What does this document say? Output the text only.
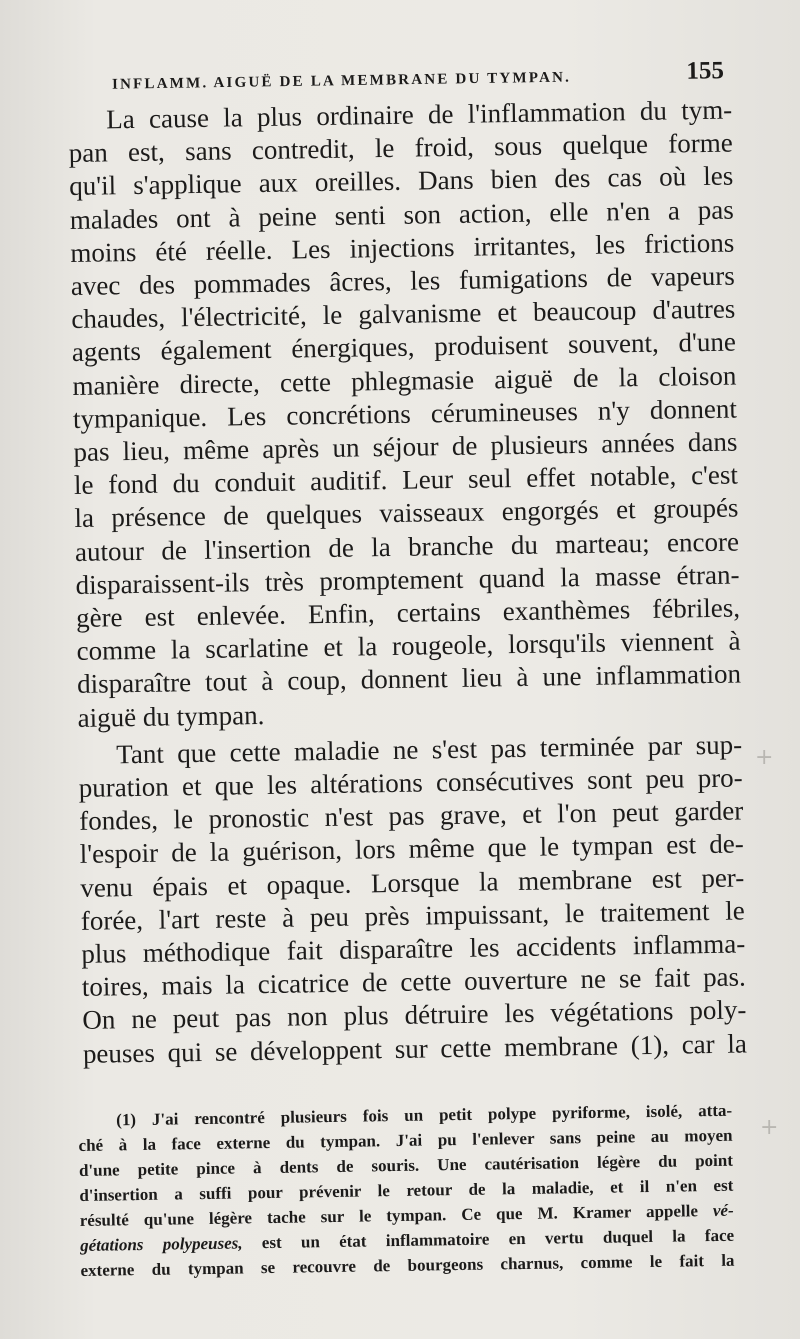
INFLAMM. AIGUË DE LA MEMBRANE DU TYMPAN.	155
La cause la plus ordinaire de l'inflammation du tym-
pan est, sans contredit, le froid, sous quelque forme
qu'il s'applique aux oreilles. Dans bien des cas où les
malades ont à peine senti son action, elle n'en a pas
moins été réelle. Les injections irritantes, les frictions
avec des pommades âcres, les fumigations de vapeurs
chaudes, l'électricité, le galvanisme et beaucoup d'autres
agents également énergiques, produisent souvent, d'une
manière directe, cette phlegmasie aiguë de la cloison
tympanique. Les concrétions cérumineuses n'y donnent
pas lieu, même après un séjour de plusieurs années dans
le fond du conduit auditif. Leur seul effet notable, c'est
la présence de quelques vaisseaux engorgés et groupés
autour de l'insertion de la branche du marteau; encore
disparaissent-ils très promptement quand la masse étran-
gère est enlevée. Enfin, certains exanthèmes fébriles,
comme la scarlatine et la rougeole, lorsqu'ils viennent à
disparaître tout à coup, donnent lieu à une inflammation
aiguë du tympan.
Tant que cette maladie ne s'est pas terminée par sup-
puration et que les altérations consécutives sont peu pro-
fondes, le pronostic n'est pas grave, et l'on peut garder
l'espoir de la guérison, lors même que le tympan est de-
venu épais et opaque. Lorsque la membrane est per-
forée, l'art reste à peu près impuissant, le traitement le
plus méthodique fait disparaître les accidents inflamma-
toires, mais la cicatrice de cette ouverture ne se fait pas.
On ne peut pas non plus détruire les végétations poly-
peuses qui se développent sur cette membrane (1), car la
(1) J'ai rencontré plusieurs fois un petit polype pyriforme, isolé, atta-
ché à la face externe du tympan. J'ai pu l'enlever sans peine au moyen
d'une petite pince à dents de souris. Une cautérisation légère du point
d'insertion a suffi pour prévenir le retour de la maladie, et il n'en est
résulté qu'une légère tache sur le tympan. Ce que M. Kramer appelle vé-
gétations polypeuses, est un état inflammatoire en vertu duquel la face
externe du tympan se recouvre de bourgeons charnus, comme le fait la
+
+
